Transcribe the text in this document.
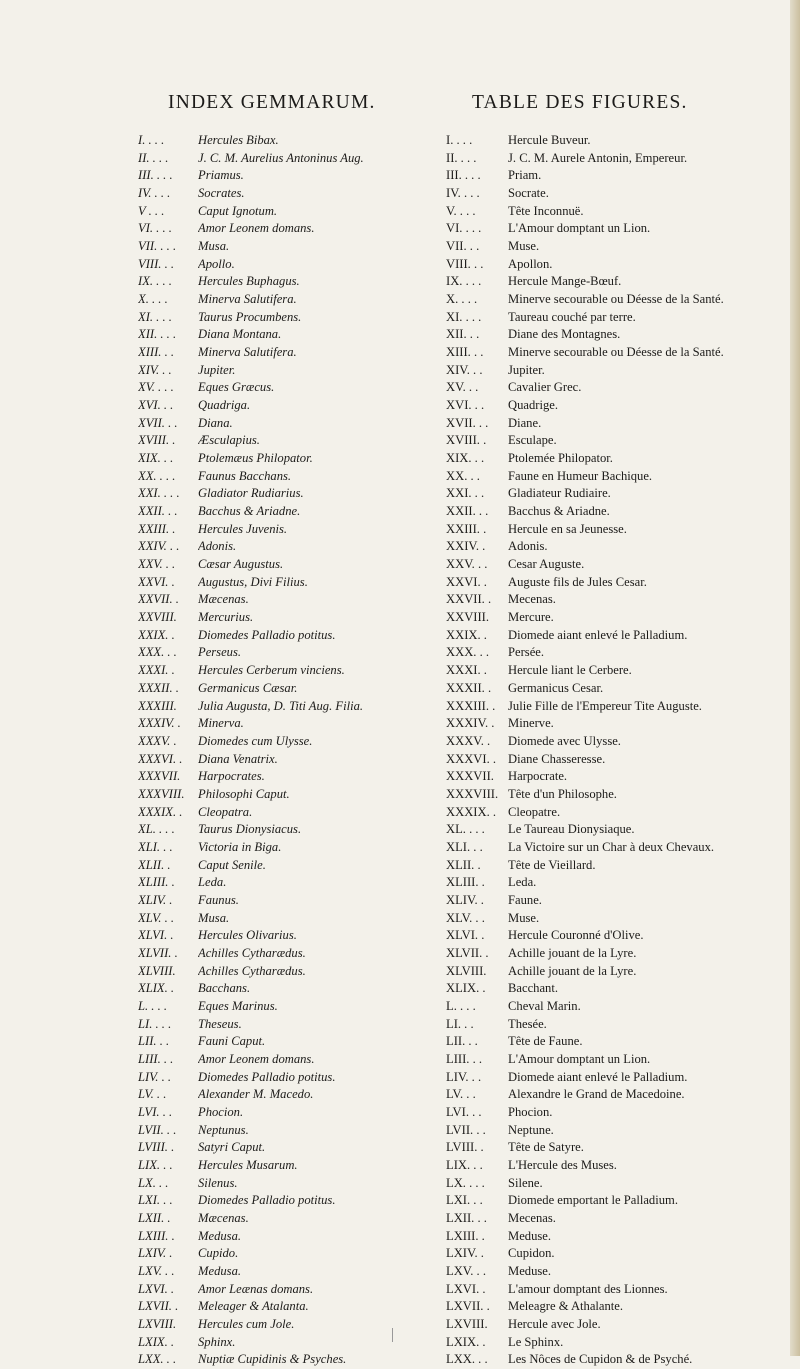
INDEX GEMMARUM.	TABLE DES FIGURES.
I. . . .	Hercules Bibax.
II. . . .	J. C. M. Aurelius Antoninus Aug.
III. . . .	Priamus.
IV. . . .	Socrates.
V . . .	Caput Ignotum.
VI. . . .	Amor Leonem domans.
VII. . . .	Musa.
VIII. . .	Apollo.
IX. . . .	Hercules Buphagus.
X. . . .	Minerva Salutifera.
XI. . . .	Taurus Procumbens.
XII. . . .	Diana Montana.
XIII. . .	Minerva Salutifera.
XIV. . .	Jupiter.
XV. . . .	Eques Græcus.
XVI. . .	Quadriga.
XVII. . .	Diana.
XVIII. .	Æsculapius.
XIX. . .	Ptolemæus Philopator.
XX. . . .	Faunus Bacchans.
XXI. . . .	Gladiator Rudiarius.
XXII. . .	Bacchus & Ariadne.
XXIII. .	Hercules Juvenis.
XXIV. . .	Adonis.
XXV. . .	Cæsar Augustus.
XXVI. .	Augustus, Divi Filius.
XXVII. .	Mæcenas.
XXVIII.	Mercurius.
XXIX. .	Diomedes Palladio potitus.
XXX. . .	Perseus.
XXXI. .	Hercules Cerberum vinciens.
XXXII. .	Germanicus Cæsar.
XXXIII.	Julia Augusta, D. Titi Aug. Filia.
XXXIV. .	Minerva.
XXXV. .	Diomedes cum Ulysse.
XXXVI. .	Diana Venatrix.
XXXVII.	Harpocrates.
XXXVIII.	Philosophi Caput.
XXXIX. .	Cleopatra.
XL. . . .	Taurus Dionysiacus.
XLI. . .	Victoria in Biga.
XLII. .	Caput Senile.
XLIII. .	Leda.
XLIV. .	Faunus.
XLV. . .	Musa.
XLVI. .	Hercules Olivarius.
XLVII. .	Achilles Cytharædus.
XLVIII.	Achilles Cytharædus.
XLIX. .	Bacchans.
L. . . .	Eques Marinus.
LI. . . .	Theseus.
LII. . .	Fauni Caput.
LIII. . .	Amor Leonem domans.
LIV. . .	Diomedes Palladio potitus.
LV. . .	Alexander M. Macedo.
LVI. . .	Phocion.
LVII. . .	Neptunus.
LVIII. .	Satyri Caput.
LIX. . .	Hercules Musarum.
LX. . .	Silenus.
LXI. . .	Diomedes Palladio potitus.
LXII. .	Mæcenas.
LXIII. .	Medusa.
LXIV. .	Cupido.
LXV. . .	Medusa.
LXVI. .	Amor Leænas domans.
LXVII. .	Meleager & Atalanta.
LXVIII.	Hercules cum Jole.
LXIX. .	Sphinx.
LXX. . .	Nuptiæ Cupidinis & Psyches.
I. . . .	Hercule Buveur.
II. . . .	J. C. M. Aurele Antonin, Empereur.
III. . . .	Priam.
IV. . . .	Socrate.
V. . . .	Tête Inconnuë.
VI. . . .	L'Amour domptant un Lion.
VII. . .	Muse.
VIII. . .	Apollon.
IX. . . .	Hercule Mange-Bœuf.
X. . . .	Minerve secourable ou Déesse de la Santé.
XI. . . .	Taureau couché par terre.
XII. . .	Diane des Montagnes.
XIII. . .	Minerve secourable ou Déesse de la Santé.
XIV. . .	Jupiter.
XV. . .	Cavalier Grec.
XVI. . .	Quadrige.
XVII. . .	Diane.
XVIII. .	Esculape.
XIX. . .	Ptolemée Philopator.
XX. . .	Faune en Humeur Bachique.
XXI. . .	Gladiateur Rudiaire.
XXII. . .	Bacchus & Ariadne.
XXIII. .	Hercule en sa Jeunesse.
XXIV. .	Adonis.
XXV. . .	Cesar Auguste.
XXVI. .	Auguste fils de Jules Cesar.
XXVII. .	Mecenas.
XXVIII.	Mercure.
XXIX. .	Diomede aiant enlevé le Palladium.
XXX. . .	Persée.
XXXI. .	Hercule liant le Cerbere.
XXXII. .	Germanicus Cesar.
XXXIII. .	Julie Fille de l'Empereur Tite Auguste.
XXXIV. .	Minerve.
XXXV. .	Diomede avec Ulysse.
XXXVI. . Diane Chasseresse.
XXXVII.	Harpocrate.
XXXVIII. Tête d'un Philosophe.
XXXIX. . Cleopatre.
XL. . . .	Le Taureau Dionysiaque.
XLI. . .	La Victoire sur un Char à deux Chevaux.
XLII. .	Tête de Vieillard.
XLIII. .	Leda.
XLIV. .	Faune.
XLV. . .	Muse.
XLVI. .	Hercule Couronné d'Olive.
XLVII. .	Achille jouant de la Lyre.
XLVIII.	Achille jouant de la Lyre.
XLIX. .	Bacchant.
L. . . .	Cheval Marin.
LI. . .	Thesée.
LII. . .	Tête de Faune.
LIII. . .	L'Amour domptant un Lion.
LIV. . .	Diomede aiant enlevé le Palladium.
LV. . .	Alexandre le Grand de Macedoine.
LVI. . .	Phocion.
LVII. . .	Neptune.
LVIII. .	Tête de Satyre.
LIX. . .	L'Hercule des Muses.
LX. . . .	Silene.
LXI. . .	Diomede emportant le Palladium.
LXII. . .	Mecenas.
LXIII. .	Meduse.
LXIV. .	Cupidon.
LXV. . .	Meduse.
LXVI. .	L'amour domptant des Lionnes.
LXVII. .	Meleagre & Athalante.
LXVIII.	Hercule avec Jole.
LXIX. .	Le Sphinx.
LXX. . .	Les Nôces de Cupidon & de Psyché.
